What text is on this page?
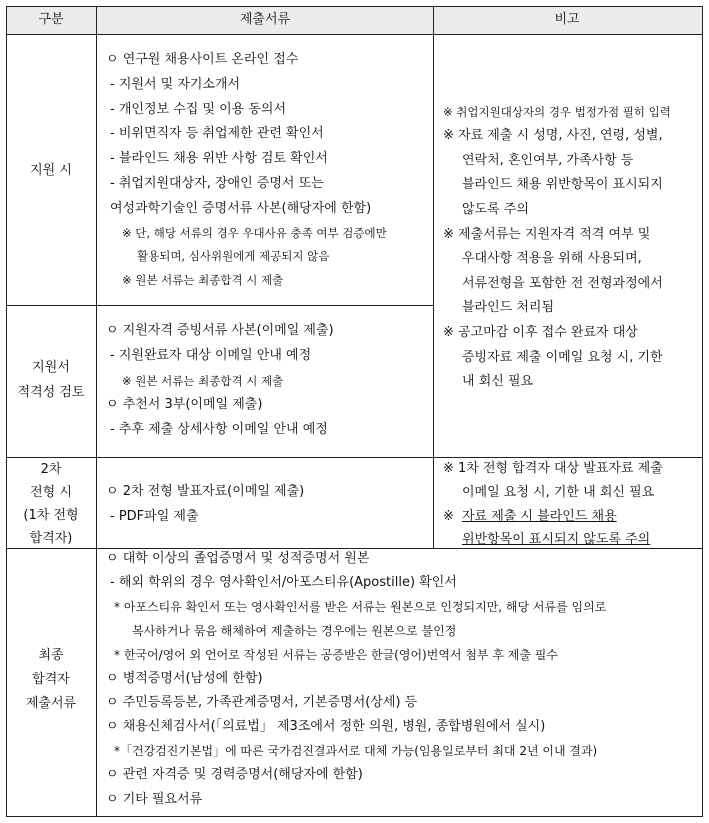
구분	제출서류	비고
지원 시
ㅇ 연구원 채용사이트 온라인 접수
- 지원서 및 자기소개서
- 개인정보 수집 및 이용 동의서
- 비위면직자 등 취업제한 관련 확인서
- 블라인드 채용 위반 사항 검토 확인서
- 취업지원대상자, 장애인 증명서 또는
여성과학기술인 증명서류 사본(해당자에 한함)
※ 단, 해당 서류의 경우 우대사유 충족 여부 검증에만
활용되며, 심사위원에게 제공되지 않음
※ 원본 서류는 최종합격 시 제출
지원서
적격성 검토
ㅇ 지원자격 증빙서류 사본(이메일 제출)
- 지원완료자 대상 이메일 안내 예정
※ 원본 서류는 최종합격 시 제출
ㅇ 추천서 3부(이메일 제출)
- 추후 제출 상세사항 이메일 안내 예정
※ 취업지원대상자의 경우 법정가점 필히 입력
※ 자료 제출 시 성명, 사진, 연령, 성별,
연락처, 혼인여부, 가족사항 등
블라인드 채용 위반항목이 표시되지
않도록 주의
※ 제출서류는 지원자격 적격 여부 및
우대사항 적용을 위해 사용되며,
서류전형을 포함한 전 전형과정에서
블라인드 처리됨
※ 공고마감 이후 접수 완료자 대상
증빙자료 제출 이메일 요청 시, 기한
내 회신 필요
2차
전형 시
(1차 전형
합격자)
ㅇ 2차 전형 발표자료(이메일 제출)
- PDF파일 제출
※ 1차 전형 합격자 대상 발표자료 제출
이메일 요청 시, 기한 내 회신 필요
※ 자료 제출 시 블라인드 채용
위반항목이 표시되지 않도록 주의
최종
합격자
제출서류
ㅇ 대학 이상의 졸업증명서 및 성적증명서 원본
- 해외 학위의 경우 영사확인서/아포스티유(Apostille) 확인서
* 아포스티유 확인서 또는 영사확인서를 받은 서류는 원본으로 인정되지만, 해당 서류를 임의로
복사하거나 묶음 해체하여 제출하는 경우에는 원본으로 불인정
* 한국어/영어 외 언어로 작성된 서류는 공증받은 한글(영어)번역서 첨부 후 제출 필수
ㅇ 병적증명서(남성에 한함)
ㅇ 주민등록등본, 가족관계증명서, 기본증명서(상세) 등
ㅇ 채용신체검사서(「의료법」 제3조에서 정한 의원, 병원, 종합병원에서 실시)
*「건강검진기본법」에 따른 국가검진결과서로 대체 가능(임용일로부터 최대 2년 이내 결과)
ㅇ 관련 자격증 및 경력증명서(해당자에 한함)
ㅇ 기타 필요서류
